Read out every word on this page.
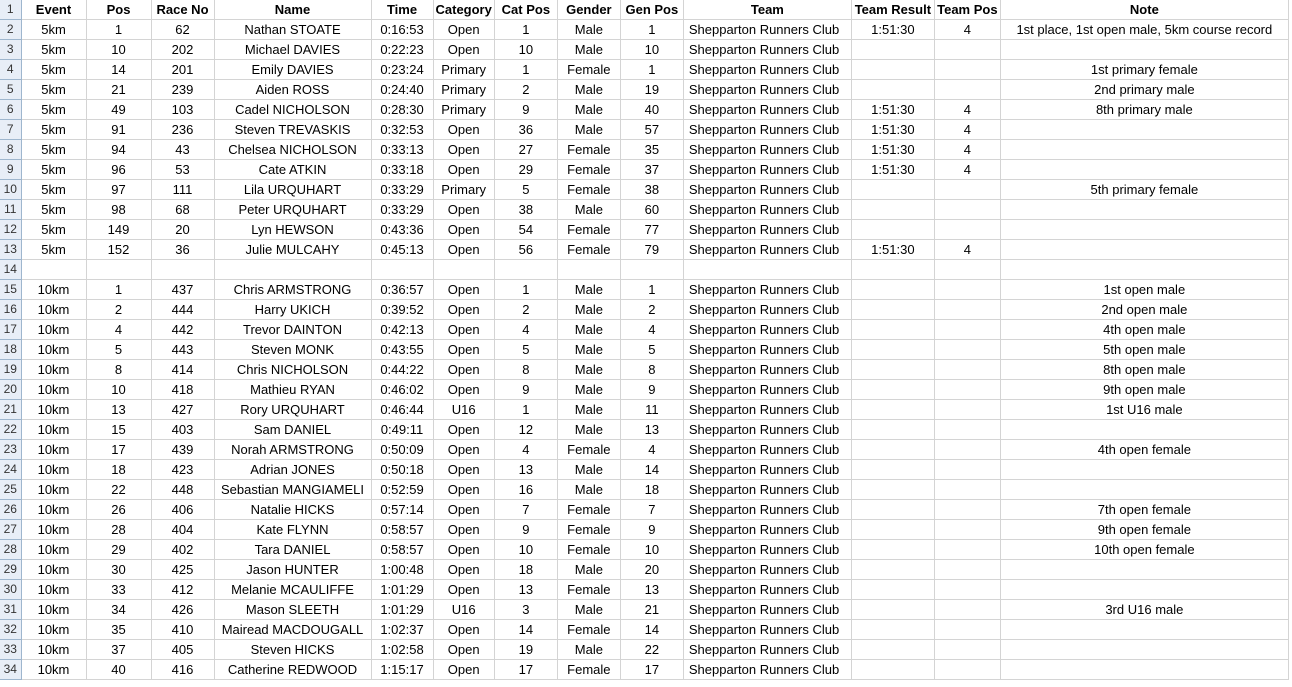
1	Event	Pos	Race No	Name	Time	Category	Cat Pos	Gender	Gen Pos	Team	Team Result	Team Pos	Note
2	5km	1	62	Nathan STOATE	0:16:53	Open	1	Male	1	Shepparton Runners Club	1:51:30	4	1st place, 1st open male, 5km course record
3	5km	10	202	Michael DAVIES	0:22:23	Open	10	Male	10	Shepparton Runners Club			
4	5km	14	201	Emily DAVIES	0:23:24	Primary	1	Female	1	Shepparton Runners Club			1st primary female
5	5km	21	239	Aiden ROSS	0:24:40	Primary	2	Male	19	Shepparton Runners Club			2nd primary male
6	5km	49	103	Cadel NICHOLSON	0:28:30	Primary	9	Male	40	Shepparton Runners Club	1:51:30	4	8th primary male
7	5km	91	236	Steven TREVASKIS	0:32:53	Open	36	Male	57	Shepparton Runners Club	1:51:30	4	
8	5km	94	43	Chelsea NICHOLSON	0:33:13	Open	27	Female	35	Shepparton Runners Club	1:51:30	4	
9	5km	96	53	Cate ATKIN	0:33:18	Open	29	Female	37	Shepparton Runners Club	1:51:30	4	
10	5km	97	111	Lila URQUHART	0:33:29	Primary	5	Female	38	Shepparton Runners Club			5th primary female
11	5km	98	68	Peter URQUHART	0:33:29	Open	38	Male	60	Shepparton Runners Club			
12	5km	149	20	Lyn HEWSON	0:43:36	Open	54	Female	77	Shepparton Runners Club			
13	5km	152	36	Julie MULCAHY	0:45:13	Open	56	Female	79	Shepparton Runners Club	1:51:30	4	
14													
15	10km	1	437	Chris ARMSTRONG	0:36:57	Open	1	Male	1	Shepparton Runners Club			1st open male
16	10km	2	444	Harry UKICH	0:39:52	Open	2	Male	2	Shepparton Runners Club			2nd open male
17	10km	4	442	Trevor DAINTON	0:42:13	Open	4	Male	4	Shepparton Runners Club			4th open male
18	10km	5	443	Steven MONK	0:43:55	Open	5	Male	5	Shepparton Runners Club			5th open male
19	10km	8	414	Chris NICHOLSON	0:44:22	Open	8	Male	8	Shepparton Runners Club			8th open male
20	10km	10	418	Mathieu RYAN	0:46:02	Open	9	Male	9	Shepparton Runners Club			9th open male
21	10km	13	427	Rory URQUHART	0:46:44	U16	1	Male	11	Shepparton Runners Club			1st U16 male
22	10km	15	403	Sam DANIEL	0:49:11	Open	12	Male	13	Shepparton Runners Club			
23	10km	17	439	Norah ARMSTRONG	0:50:09	Open	4	Female	4	Shepparton Runners Club			4th open female
24	10km	18	423	Adrian JONES	0:50:18	Open	13	Male	14	Shepparton Runners Club			
25	10km	22	448	Sebastian MANGIAMELI	0:52:59	Open	16	Male	18	Shepparton Runners Club			
26	10km	26	406	Natalie HICKS	0:57:14	Open	7	Female	7	Shepparton Runners Club			7th open female
27	10km	28	404	Kate FLYNN	0:58:57	Open	9	Female	9	Shepparton Runners Club			9th open female
28	10km	29	402	Tara DANIEL	0:58:57	Open	10	Female	10	Shepparton Runners Club			10th open female
29	10km	30	425	Jason HUNTER	1:00:48	Open	18	Male	20	Shepparton Runners Club			
30	10km	33	412	Melanie MCAULIFFE	1:01:29	Open	13	Female	13	Shepparton Runners Club			
31	10km	34	426	Mason SLEETH	1:01:29	U16	3	Male	21	Shepparton Runners Club			3rd U16 male
32	10km	35	410	Mairead MACDOUGALL	1:02:37	Open	14	Female	14	Shepparton Runners Club			
33	10km	37	405	Steven HICKS	1:02:58	Open	19	Male	22	Shepparton Runners Club			
34	10km	40	416	Catherine REDWOOD	1:15:17	Open	17	Female	17	Shepparton Runners Club			
